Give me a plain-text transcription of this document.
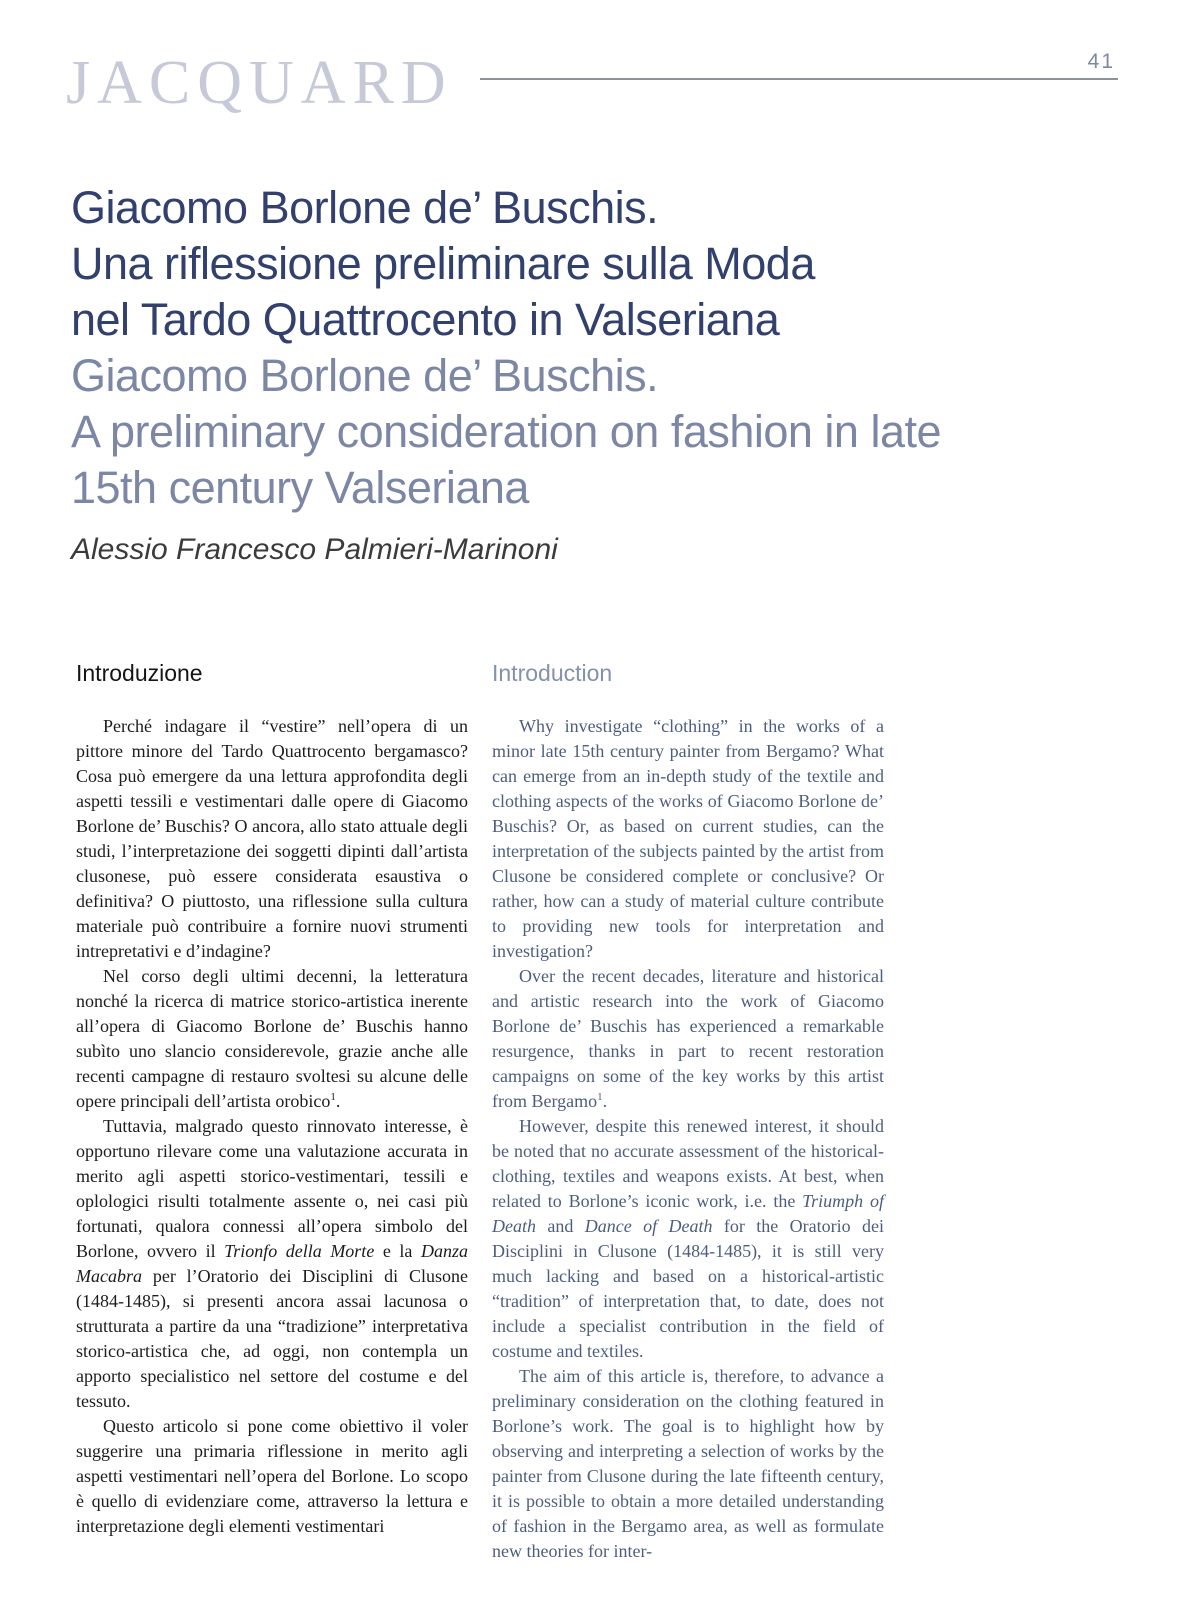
JACQUARD	41
Giacomo Borlone de’ Buschis.
Una riflessione preliminare sulla Moda
nel Tardo Quattrocento in Valseriana
Giacomo Borlone de’ Buschis.
A preliminary consideration on fashion in late
15th century Valseriana
Alessio Francesco Palmieri-Marinoni
Introduzione

Perché indagare il “vestire” nell’opera di un pittore minore del Tardo Quattrocento bergamasco? Cosa può emergere da una lettura approfondita degli aspetti tessili e vestimentari dalle opere di Giacomo Borlone de’ Buschis? O ancora, allo stato attuale degli studi, l’interpretazione dei soggetti dipinti dall’artista clusonese, può essere considerata esaustiva o definitiva? O piuttosto, una riflessione sulla cultura materiale può contribuire a fornire nuovi strumenti intrepretativi e d’indagine?

Nel corso degli ultimi decenni, la letteratura nonché la ricerca di matrice storico-artistica inerente all’opera di Giacomo Borlone de’ Buschis hanno subìto uno slancio considerevole, grazie anche alle recenti campagne di restauro svoltesi su alcune delle opere principali dell’artista orobico$^1$.

Tuttavia, malgrado questo rinnovato interesse, è opportuno rilevare come una valutazione accurata in merito agli aspetti storico-vestimentari, tessili e oplologici risulti totalmente assente o, nei casi più fortunati, qualora connessi all’opera simbolo del Borlone, ovvero il Trionfo della Morte e la Danza Macabra per l’Oratorio dei Disciplini di Clusone (1484-1485), si presenti ancora assai lacunosa o strutturata a partire da una “tradizione” interpretativa storico-artistica che, ad oggi, non contempla un apporto specialistico nel settore del costume e del tessuto.

Questo articolo si pone come obiettivo il voler suggerire una primaria riflessione in merito agli aspetti vestimentari nell’opera del Borlone. Lo scopo è quello di evidenziare come, attraverso la lettura e interpretazione degli elementi vestimentari

Introduction

Why investigate “clothing” in the works of a minor late 15th century painter from Bergamo? What can emerge from an in-depth study of the textile and clothing aspects of the works of Giacomo Borlone de’ Buschis? Or, as based on current studies, can the interpretation of the subjects painted by the artist from Clusone be considered complete or conclusive? Or rather, how can a study of material culture contribute to providing new tools for interpretation and investigation?

Over the recent decades, literature and historical and artistic research into the work of Giacomo Borlone de’ Buschis has experienced a remarkable resurgence, thanks in part to recent restoration campaigns on some of the key works by this artist from Bergamo$^1$.

However, despite this renewed interest, it should be noted that no accurate assessment of the historical-clothing, textiles and weapons exists. At best, when related to Borlone’s iconic work, i.e. the Triumph of Death and Dance of Death for the Oratorio dei Disciplini in Clusone (1484-1485), it is still very much lacking and based on a historical-artistic “tradition” of interpretation that, to date, does not include a specialist contribution in the field of costume and textiles.

The aim of this article is, therefore, to advance a preliminary consideration on the clothing featured in Borlone’s work. The goal is to highlight how by observing and interpreting a selection of works by the painter from Clusone during the late fifteenth century, it is possible to obtain a more detailed understanding of fashion in the Bergamo area, as well as formulate new theories for inter-
